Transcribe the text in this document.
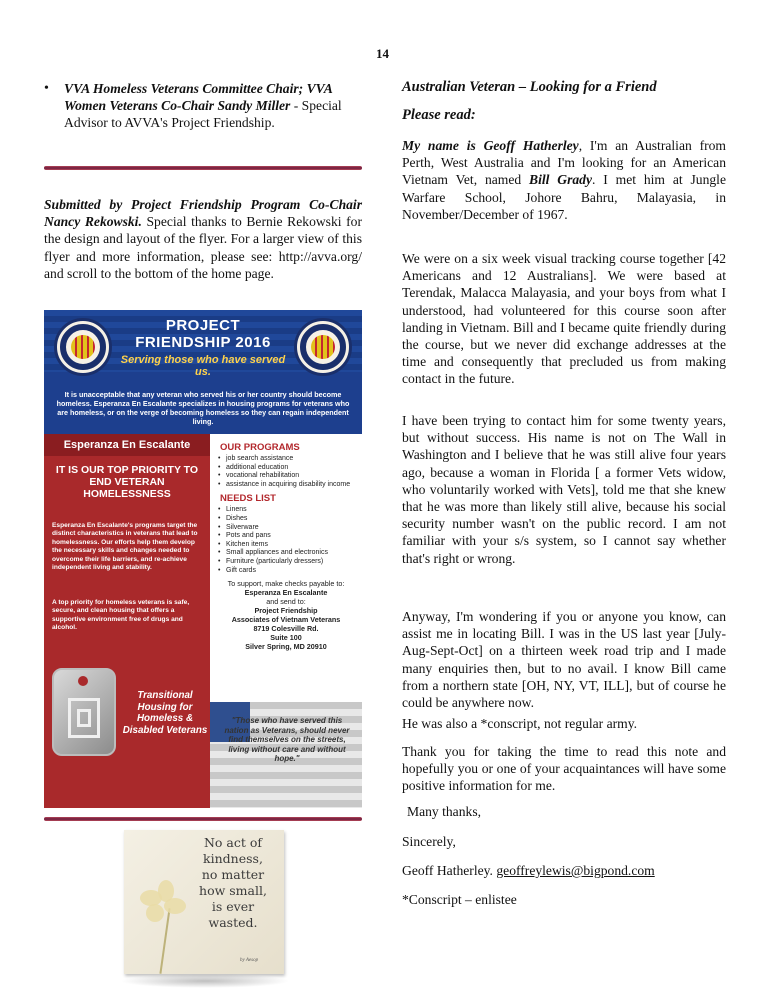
14
• VVA Homeless Veterans Committee Chair; VVA Women Veterans Co-Chair Sandy Miller - Special Advisor to AVVA's Project Friendship.
Submitted by Project Friendship Program Co-Chair Nancy Rekowski. Special thanks to Bernie Rekowski for the design and layout of the flyer. For a larger view of this flyer and more information, please see: http://avva.org/ and scroll to the bottom of the home page.
PROJECT
FRIENDSHIP 2016
Serving those who have served us.
It is unacceptable that any veteran who served his or her country should become homeless. Esperanza En Escalante specializes in housing programs for veterans who are homeless, or on the verge of becoming homeless so they can regain independent living.
Esperanza En Escalante
IT IS OUR TOP PRIORITY TO END VETERAN HOMELESSNESS
Esperanza En Escalante's programs target the distinct characteristics in veterans that lead to homelessness. Our efforts help them develop the necessary skills and changes needed to overcome their life barriers, and re-achieve independent living and stability.
A top priority for homeless veterans is safe, secure, and clean housing that offers a supportive environment free of drugs and alcohol.
Transitional Housing for Homeless & Disabled Veterans
OUR PROGRAMS
• job search assistance
• additional education
• vocational rehabilitation
• assistance in acquiring disability income
NEEDS LIST
• Linens
• Dishes
• Silverware
• Pots and pans
• Kitchen items
• Small appliances and electronics
• Furniture (particularly dressers)
• Gift cards
To support, make checks payable to:
Esperanza En Escalante
and send to:
Project Friendship
Associates of Vietnam Veterans
8719 Colesville Rd.
Suite 100
Silver Spring, MD 20910
"Those who have served this nation as Veterans, should never find themselves on the streets, living without care and without hope."
No act of
kindness,
no matter
how small,
is ever
wasted.
by Aesop
Australian Veteran – Looking for a Friend
Please read:
My name is Geoff Hatherley, I'm an Australian from Perth, West Australia and I'm looking for an American Vietnam Vet, named Bill Grady. I met him at Jungle Warfare School, Johore Bahru, Malayasia, in November/December of 1967.
We were on a six week visual tracking course together [42 Americans and 12 Australians]. We were based at Terendak, Malacca Malayasia, and your boys from what I understood, had volunteered for this course soon after landing in Vietnam. Bill and I became quite friendly during the course, but we never did exchange addresses at the time and consequently that precluded us from making contact in the future.
I have been trying to contact him for some twenty years, but without success. His name is not on The Wall in Washington and I believe that he was still alive four years ago, because a woman in Florida [ a former Vets widow, who voluntarily worked with Vets], told me that she knew that he was more than likely still alive, because his social security number wasn't on the public record. I am not familiar with your s/s system, so I cannot say whether that's right or wrong.
Anyway, I'm wondering if you or anyone you know, can assist me in locating Bill. I was in the US last year [July-Aug-Sept-Oct] on a thirteen week road trip and I made many enquiries then, but to no avail. I know Bill came from a northern state [OH, NY, VT, ILL], but of course he could be anywhere now.
He was also a *conscript, not regular army.
Thank you for taking the time to read this note and hopefully you or one of your acquaintances will have some positive information for me.
Many thanks,
Sincerely,
Geoff Hatherley. geoffreylewis@bigpond.com
*Conscript – enlistee
